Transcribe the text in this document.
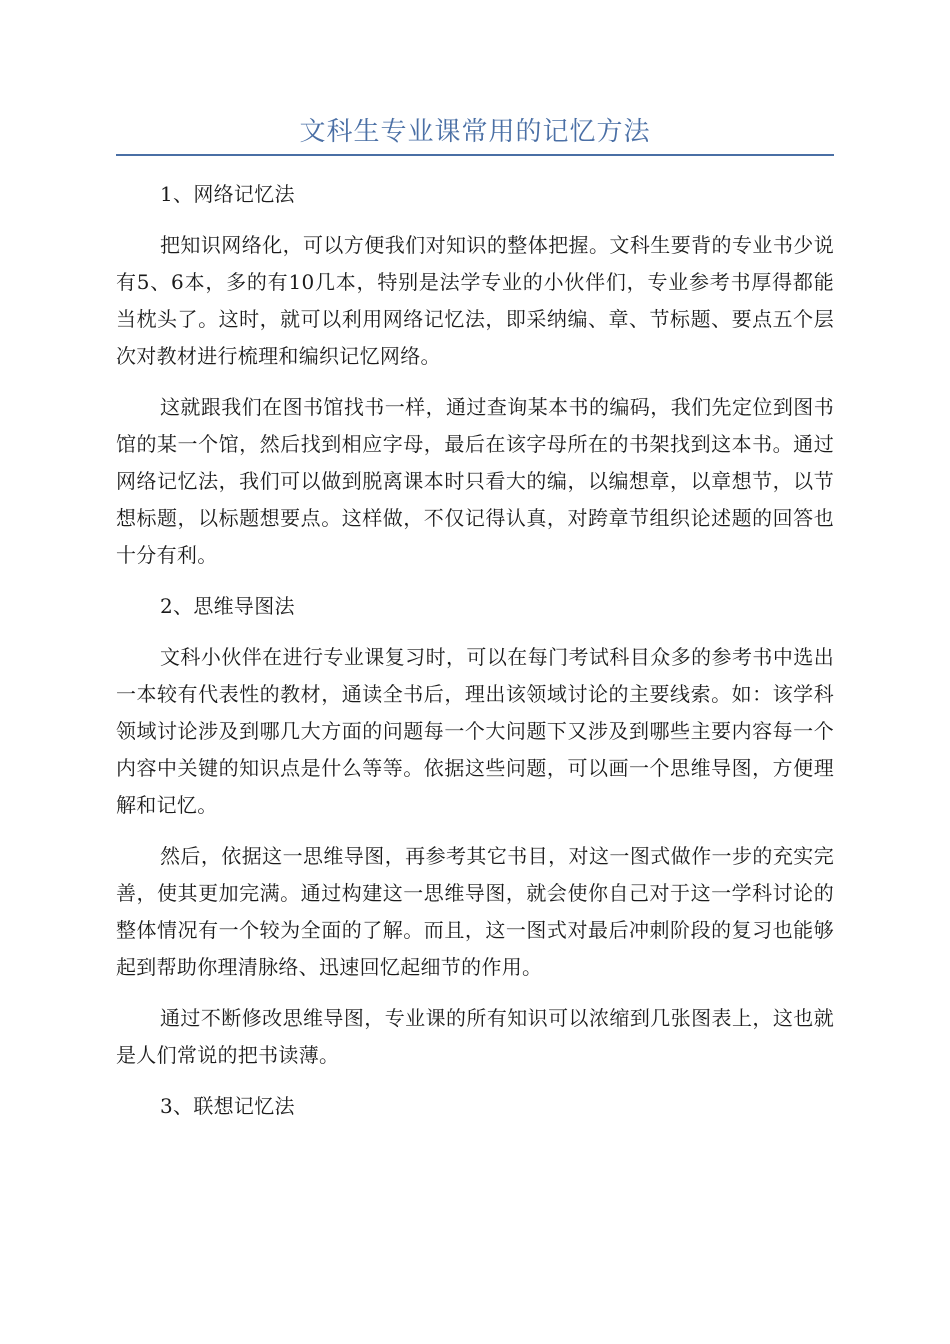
文科生专业课常用的记忆方法

1、网络记忆法

把知识网络化，可以方便我们对知识的整体把握。文科生要背的专业书少说有5、6本，多的有10几本，特别是法学专业的小伙伴们，专业参考书厚得都能当枕头了。这时，就可以利用网络记忆法，即采纳编、章、节标题、要点五个层次对教材进行梳理和编织记忆网络。

这就跟我们在图书馆找书一样，通过查询某本书的编码，我们先定位到图书馆的某一个馆，然后找到相应字母，最后在该字母所在的书架找到这本书。通过网络记忆法，我们可以做到脱离课本时只看大的编，以编想章，以章想节，以节想标题，以标题想要点。这样做，不仅记得认真，对跨章节组织论述题的回答也十分有利。

2、思维导图法

文科小伙伴在进行专业课复习时，可以在每门考试科目众多的参考书中选出一本较有代表性的教材，通读全书后，理出该领域讨论的主要线索。如：该学科领域讨论涉及到哪几大方面的问题每一个大问题下又涉及到哪些主要内容每一个内容中关键的知识点是什么等等。依据这些问题，可以画一个思维导图，方便理解和记忆。

然后，依据这一思维导图，再参考其它书目，对这一图式做作一步的充实完善，使其更加完满。通过构建这一思维导图，就会使你自己对于这一学科讨论的整体情况有一个较为全面的了解。而且，这一图式对最后冲刺阶段的复习也能够起到帮助你理清脉络、迅速回忆起细节的作用。

通过不断修改思维导图，专业课的所有知识可以浓缩到几张图表上，这也就是人们常说的把书读薄。

3、联想记忆法
